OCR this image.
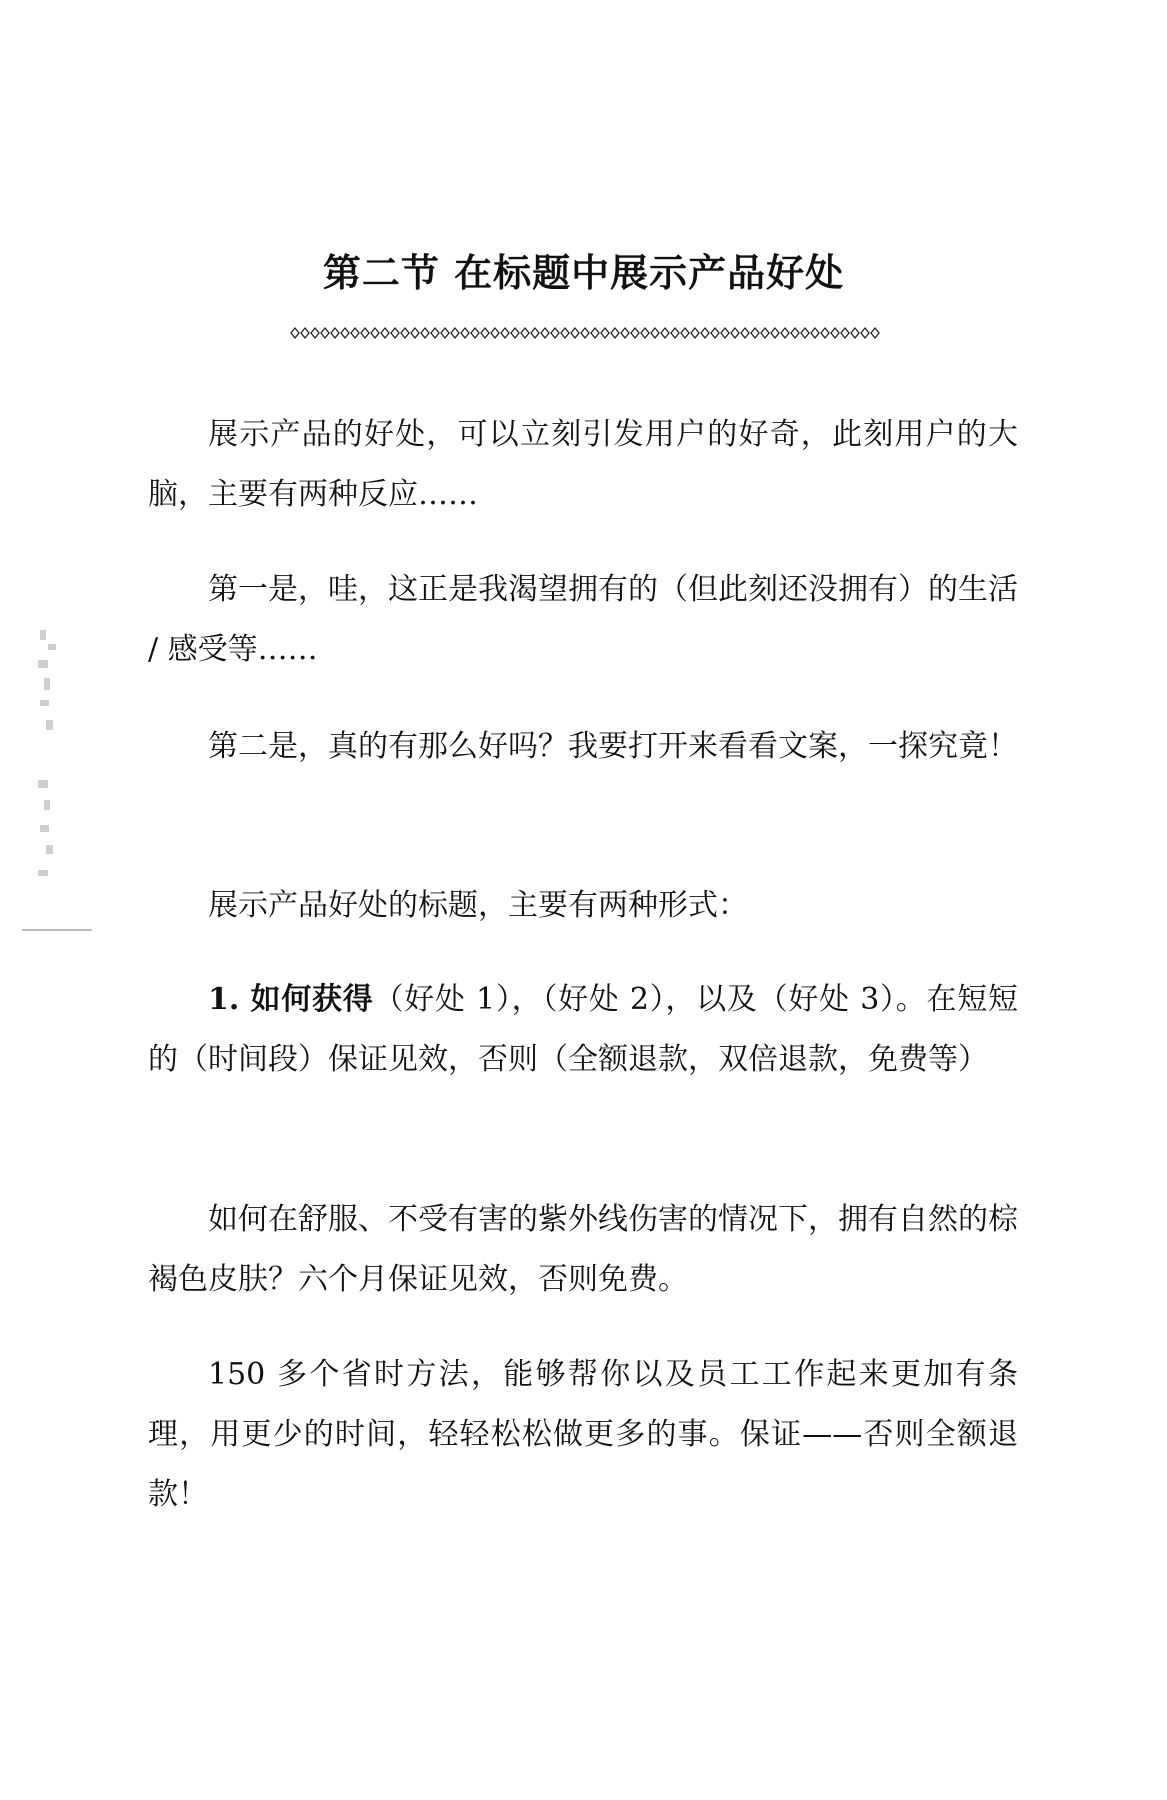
第二节 在标题中展示产品好处

展示产品的好处，可以立刻引发用户的好奇，此刻用户的大脑，主要有两种反应……

第一是，哇，这正是我渴望拥有的（但此刻还没拥有）的生活 / 感受等……

第二是，真的有那么好吗？我要打开来看看文案，一探究竟！

展示产品好处的标题，主要有两种形式：

1. 如何获得（好处 1），（好处 2），以及（好处 3）。在短短的（时间段）保证见效，否则（全额退款，双倍退款，免费等）

如何在舒服、不受有害的紫外线伤害的情况下，拥有自然的棕褐色皮肤？六个月保证见效，否则免费。

150 多个省时方法，能够帮你以及员工工作起来更加有条理，用更少的时间，轻轻松松做更多的事。保证——否则全额退款！
